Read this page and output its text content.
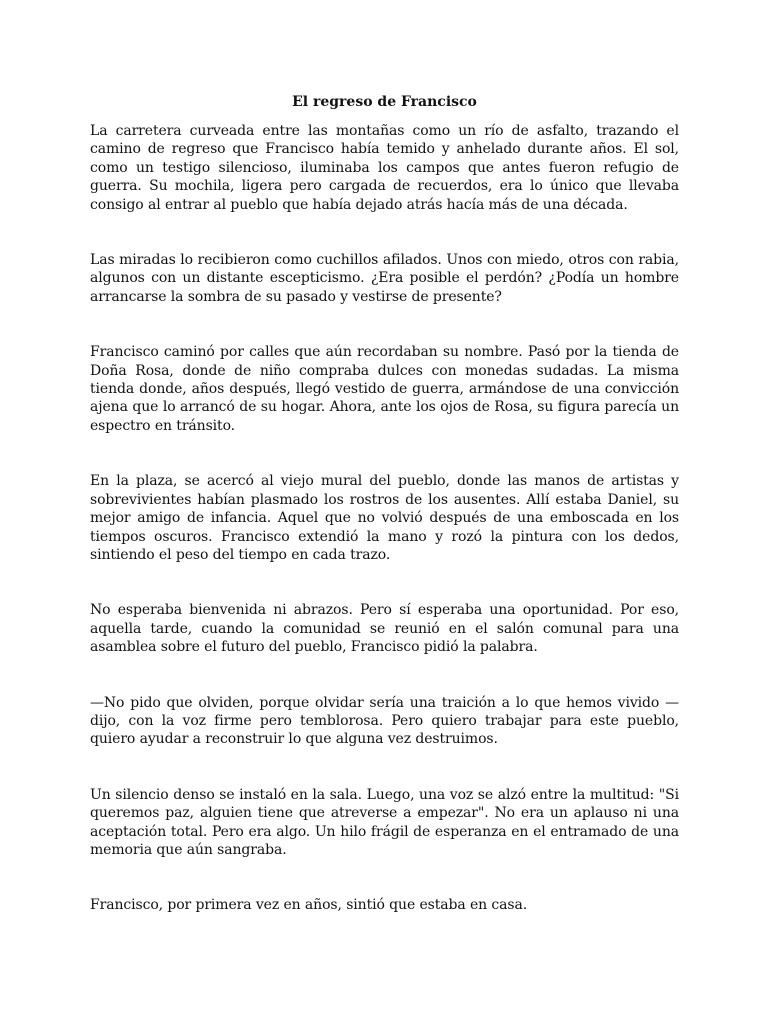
El regreso de Francisco

La carretera curveada entre las montañas como un río de asfalto, trazando el camino de regreso que Francisco había temido y anhelado durante años. El sol, como un testigo silencioso, iluminaba los campos que antes fueron refugio de guerra. Su mochila, ligera pero cargada de recuerdos, era lo único que llevaba consigo al entrar al pueblo que había dejado atrás hacía más de una década.

Las miradas lo recibieron como cuchillos afilados. Unos con miedo, otros con rabia, algunos con un distante escepticismo. ¿Era posible el perdón? ¿Podía un hombre arrancarse la sombra de su pasado y vestirse de presente?

Francisco caminó por calles que aún recordaban su nombre. Pasó por la tienda de Doña Rosa, donde de niño compraba dulces con monedas sudadas. La misma tienda donde, años después, llegó vestido de guerra, armándose de una convicción ajena que lo arrancó de su hogar. Ahora, ante los ojos de Rosa, su figura parecía un espectro en tránsito.

En la plaza, se acercó al viejo mural del pueblo, donde las manos de artistas y sobrevivientes habían plasmado los rostros de los ausentes. Allí estaba Daniel, su mejor amigo de infancia. Aquel que no volvió después de una emboscada en los tiempos oscuros. Francisco extendió la mano y rozó la pintura con los dedos, sintiendo el peso del tiempo en cada trazo.

No esperaba bienvenida ni abrazos. Pero sí esperaba una oportunidad. Por eso, aquella tarde, cuando la comunidad se reunió en el salón comunal para una asamblea sobre el futuro del pueblo, Francisco pidió la palabra.

—No pido que olviden, porque olvidar sería una traición a lo que hemos vivido —dijo, con la voz firme pero temblorosa. Pero quiero trabajar para este pueblo, quiero ayudar a reconstruir lo que alguna vez destruimos.

Un silencio denso se instaló en la sala. Luego, una voz se alzó entre la multitud: "Si queremos paz, alguien tiene que atreverse a empezar". No era un aplauso ni una aceptación total. Pero era algo. Un hilo frágil de esperanza en el entramado de una memoria que aún sangraba.

Francisco, por primera vez en años, sintió que estaba en casa.
